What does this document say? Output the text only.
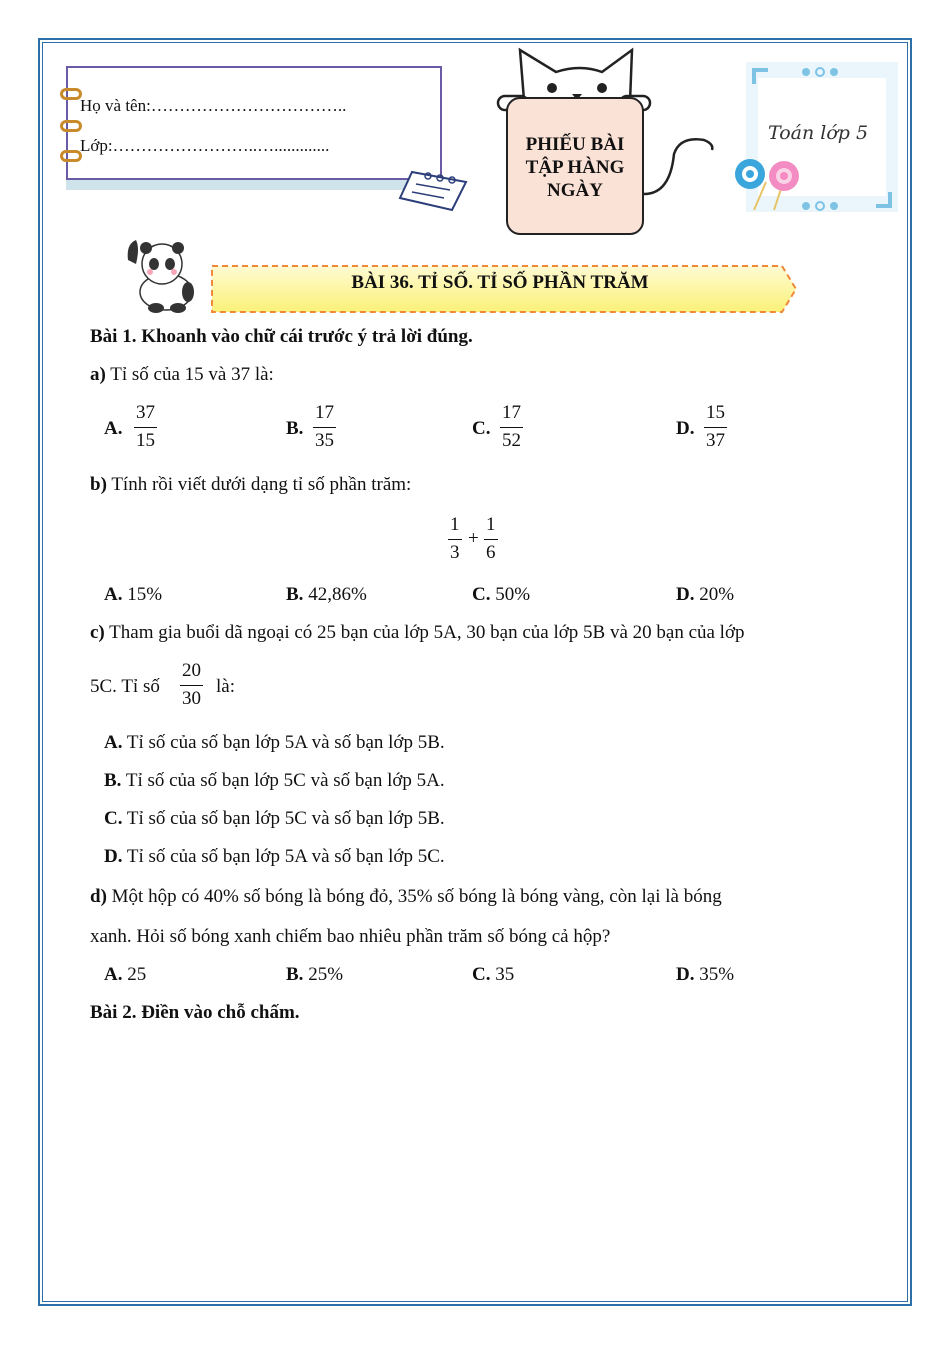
Họ và tên:……………………………..
Lớp:……………………..….............	PHIẾU BÀI
TẬP HÀNG
NGÀY
Toán lớp 5
BÀI 36. TỈ SỐ. TỈ SỐ PHẦN TRĂM
Bài 1. Khoanh vào chữ cái trước ý trả lời đúng.
a) Tỉ số của 15 và 37 là:
A.
37
15
B.
17
35
C.
17
52
D.
15
37
b) Tính rồi viết dưới dạng tỉ số phần trăm:
1
3
+
1
6
A. 15%	B. 42,86%	C. 50%	D. 20%
c) Tham gia buổi dã ngoại có 25 bạn của lớp 5A, 30 bạn của lớp 5B và 20 bạn của lớp
5C. Tỉ số
20
30
là:
A. Tỉ số của số bạn lớp 5A và số bạn lớp 5B.
B. Tỉ số của số bạn lớp 5C và số bạn lớp 5A.
C. Tỉ số của số bạn lớp 5C và số bạn lớp 5B.
D. Tỉ số của số bạn lớp 5A và số bạn lớp 5C.
d) Một hộp có 40% số bóng là bóng đỏ, 35% số bóng là bóng vàng, còn lại là bóng
xanh. Hỏi số bóng xanh chiếm bao nhiêu phần trăm số bóng cả hộp?
A. 25	B. 25%	C. 35	D. 35%
Bài 2. Điền vào chỗ chấm.
